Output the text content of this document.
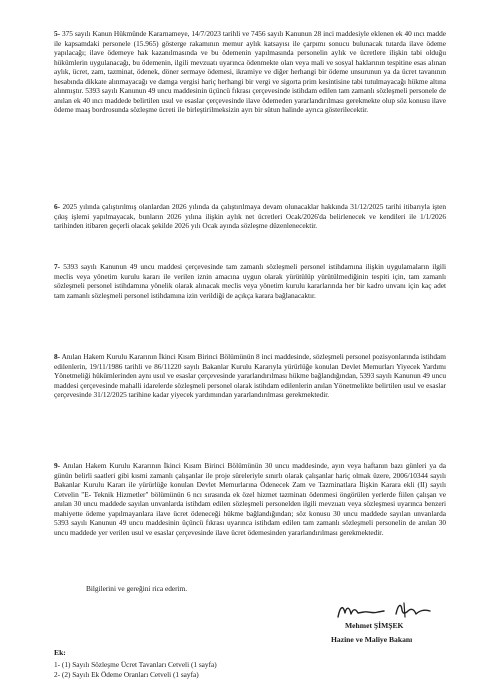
5- 375 sayılı Kanun Hükmünde Kararnameye, 14/7/2023 tarihli ve 7456 sayılı Kanunun 28 inci maddesiyle eklenen ek 40 ıncı madde ile kapsamdaki personele (15.965) gösterge rakamının memur aylık katsayısı ile çarpımı sonucu bulunacak tutarda ilave ödeme yapılacağı; ilave ödemeye hak kazanılmasında ve bu ödemenin yapılmasında personelin aylık ve ücretlere ilişkin tabi olduğu hükümlerin uygulanacağı, bu ödemenin, ilgili mevzuatı uyarınca ödenmekte olan veya mali ve sosyal haklarının tespitine esas alınan aylık, ücret, zam, tazminat, ödenek, döner sermaye ödemesi, ikramiye ve diğer herhangi bir ödeme unsurunun ya da ücret tavanının hesabında dikkate alınmayacağı ve damga vergisi hariç herhangi bir vergi ve sigorta prim kesintisine tabi tutulmayacağı hükme altına alınmıştır. 5393 sayılı Kanunun 49 uncu maddesinin üçüncü fıkrası çerçevesinde istihdam edilen tam zamanlı sözleşmeli personele de anılan ek 40 ıncı maddede belirtilen usul ve esaslar çerçevesinde ilave ödemeden yararlandırılması gerekmekte olup söz konusu ilave ödeme maaş bordrosunda sözleşme ücreti ile birleştirilmeksizin ayrı bir sütun halinde ayrıca gösterilecektir.

6- 2025 yılında çalıştırılmış olanlardan 2026 yılında da çalıştırılmaya devam olunacaklar hakkında 31/12/2025 tarihi itibarıyla işten çıkış işlemi yapılmayacak, bunların 2026 yılına ilişkin aylık net ücretleri Ocak/2026'da belirlenecek ve kendileri ile 1/1/2026 tarihinden itibaren geçerli olacak şekilde 2026 yılı Ocak ayında sözleşme düzenlenecektir.

7- 5393 sayılı Kanunun 49 uncu maddesi çerçevesinde tam zamanlı sözleşmeli personel istihdamına ilişkin uygulamaların ilgili meclis veya yönetim kurulu kararı ile verilen iznin amacına uygun olarak yürütülüp yürütülmediğinin tespiti için, tam zamanlı sözleşmeli personel istihdamına yönelik olarak alınacak meclis veya yönetim kurulu kararlarında her bir kadro unvanı için kaç adet tam zamanlı sözleşmeli personel istihdamına izin verildiği de açıkça karara bağlanacaktır.

8- Anılan Hakem Kurulu Kararının İkinci Kısım Birinci Bölümünün 8 inci maddesinde, sözleşmeli personel pozisyonlarında istihdam edilenlerin, 19/11/1986 tarihli ve 86/11220 sayılı Bakanlar Kurulu Kararıyla yürürlüğe konulan Devlet Memurları Yiyecek Yardımı Yönetmeliği hükümlerinden aynı usul ve esaslar çerçevesinde yararlandırılması hükme bağlandığından, 5393 sayılı Kanunun 49 uncu maddesi çerçevesinde mahalli idarelerde sözleşmeli personel olarak istihdam edilenlerin anılan Yönetmelikte belirtilen usul ve esaslar çerçevesinde 31/12/2025 tarihine kadar yiyecek yardımından yararlandırılması gerekmektedir.

9- Anılan Hakem Kurulu Kararının İkinci Kısım Birinci Bölümünün 30 uncu maddesinde, ayın veya haftanın bazı günleri ya da günün belirli saatleri gibi kısmi zamanlı çalışanlar ile proje süreleriyle sınırlı olarak çalışanlar hariç olmak üzere, 2006/10344 sayılı Bakanlar Kurulu Kararı ile yürürlüğe konulan Devlet Memurlarına Ödenecek Zam ve Tazminatlara İlişkin Karara ekli (II) sayılı Cetvelin "E- Teknik Hizmetler" bölümünün 6 ncı sırasında ek özel hizmet tazminatı ödenmesi öngörülen yerlerde fiilen çalışan ve anılan 30 uncu maddede sayılan unvanlarda istihdam edilen sözleşmeli personelden ilgili mevzuatı veya sözleşmesi uyarınca benzeri mahiyette ödeme yapılmayanlara ilave ücret ödeneceği hükme bağlandığından; söz konusu 30 uncu maddede sayılan unvanlarda 5393 sayılı Kanunun 49 uncu maddesinin üçüncü fıkrası uyarınca istihdam edilen tam zamanlı sözleşmeli personelin de anılan 30 uncu maddede yer verilen usul ve esaslar çerçevesinde ilave ücret ödemesinden yararlandırılması gerekmektedir.

Bilgilerini ve gereğini rica ederim.

Mehmet ŞİMŞEK

Hazine ve Maliye Bakanı

Ek:

1- (1) Sayılı Sözleşme Ücret Tavanları Cetveli (1 sayfa)
2- (2) Sayılı Ek Ödeme Oranları Cetveli (1 sayfa)
